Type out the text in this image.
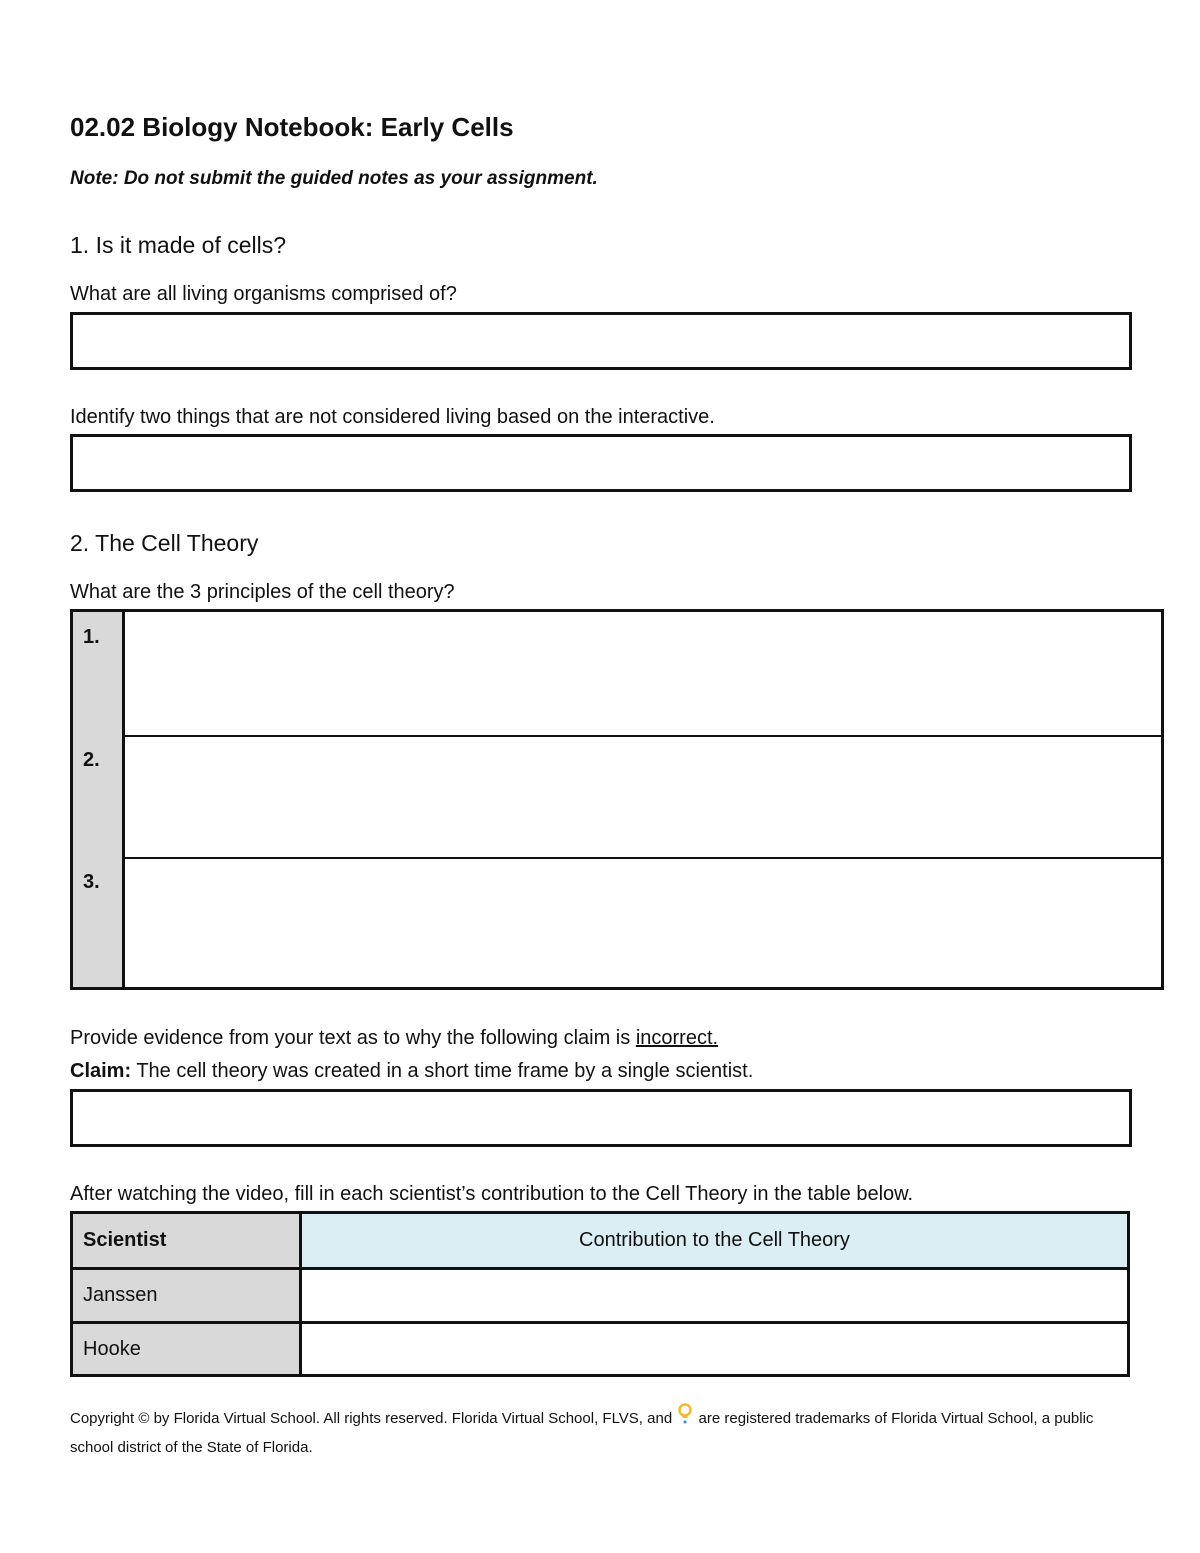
02.02 Biology Notebook: Early Cells
Note: Do not submit the guided notes as your assignment.
1. Is it made of cells?
What are all living organisms comprised of?
Identify two things that are not considered living based on the interactive.
2. The Cell Theory
What are the 3 principles of the cell theory?
1.
2.
3.
Provide evidence from your text as to why the following claim is incorrect.
Claim: The cell theory was created in a short time frame by a single scientist.
After watching the video, fill in each scientist’s contribution to the Cell Theory in the table below.
Scientist	Contribution to the Cell Theory
Janssen
Hooke
Copyright © by Florida Virtual School. All rights reserved. Florida Virtual School, FLVS, and are registered trademarks of Florida Virtual School, a public school district of the State of Florida.
